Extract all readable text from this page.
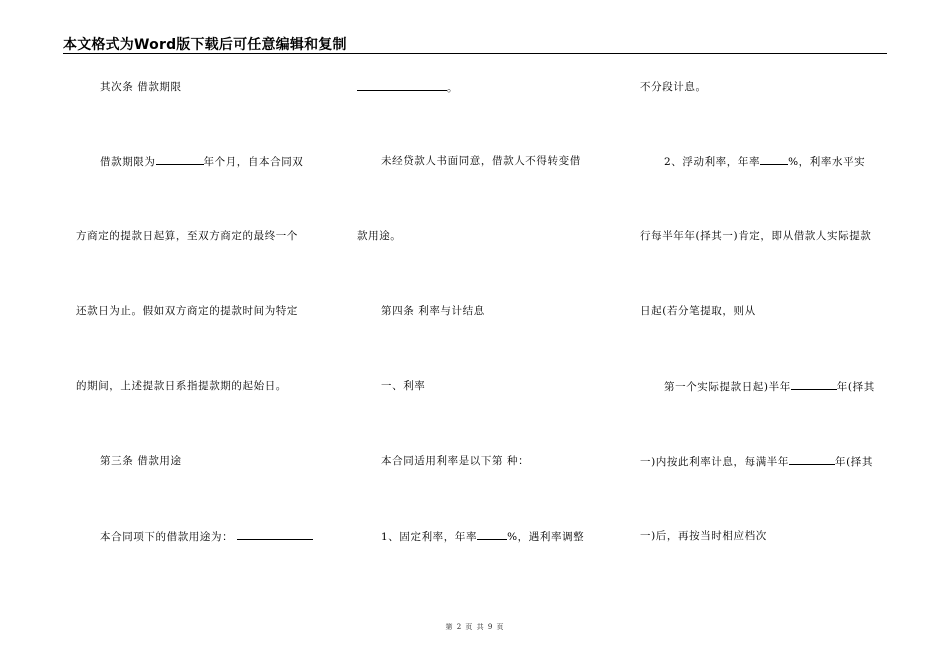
本文格式为Word版下载后可任意编辑和复制
其次条 借款期限
借款期限为	年个月，自本合同双
方商定的提款日起算，至双方商定的最终一个
还款日为止。假如双方商定的提款时间为特定
的期间，上述提款日系指提款期的起始日。
第三条 借款用途
本合同项下的借款用途为：
。
未经贷款人书面同意，借款人不得转变借
款用途。
第四条 利率与计结息
一、利率
本合同适用利率是以下第 种：
1、固定利率，年率	%，遇利率调整
不分段计息。
2、浮动利率，年率	%，利率水平实
行每半年年(择其一)肯定，即从借款人实际提款
日起(若分笔提取，则从
第一个实际提款日起)半年	年(择其
一)内按此利率计息，每满半年	年(择其
一)后，再按当时相应档次
第 2 页 共 9 页
